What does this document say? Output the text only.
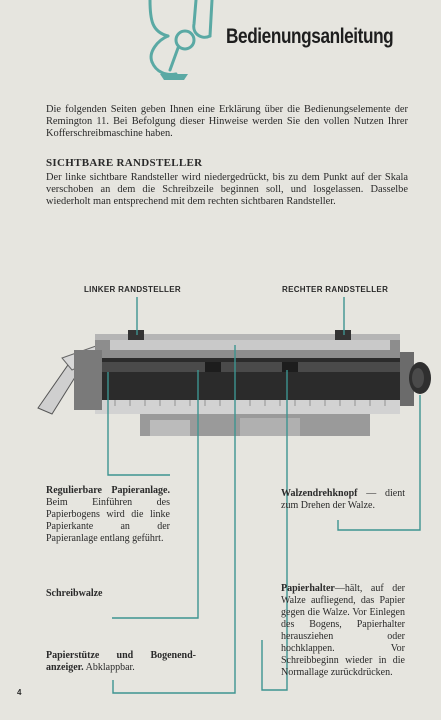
Bedienungsanleitung
Die folgenden Seiten geben Ihnen eine Erklärung über die Bedienungselemente der Remington 11. Bei Befolgung dieser Hinweise werden Sie den vollen Nutzen Ihrer Kofferschreibmaschine haben.
SICHTBARE RANDSTELLER
Der linke sichtbare Randsteller wird niedergedrückt, bis zu dem Punkt auf der Skala verschoben an dem die Schreibzeile beginnen soll, und losgelassen. Dasselbe wiederholt man entsprechend mit dem rechten sichtbaren Randsteller.
LINKER RANDSTELLER	RECHTER RANDSTELLER
Regulierbare Papieranlage. Beim Einführen des Papierbogens wird die linke Papierkante an der Papieranlage entlang geführt.
Walzendrehknopf — dient zum Drehen der Walze.
Schreibwalze	Papierhalter—hält, auf der Walze aufliegend, das Papier gegen die Walze. Vor Einlegen des Bogens, Papierhalter herausziehen oder hochklappen. Vor Schreibbeginn wieder in die Normallage zurückdrücken.
Papierstütze und Bogenend-anzeiger. Abklappbar.
4
